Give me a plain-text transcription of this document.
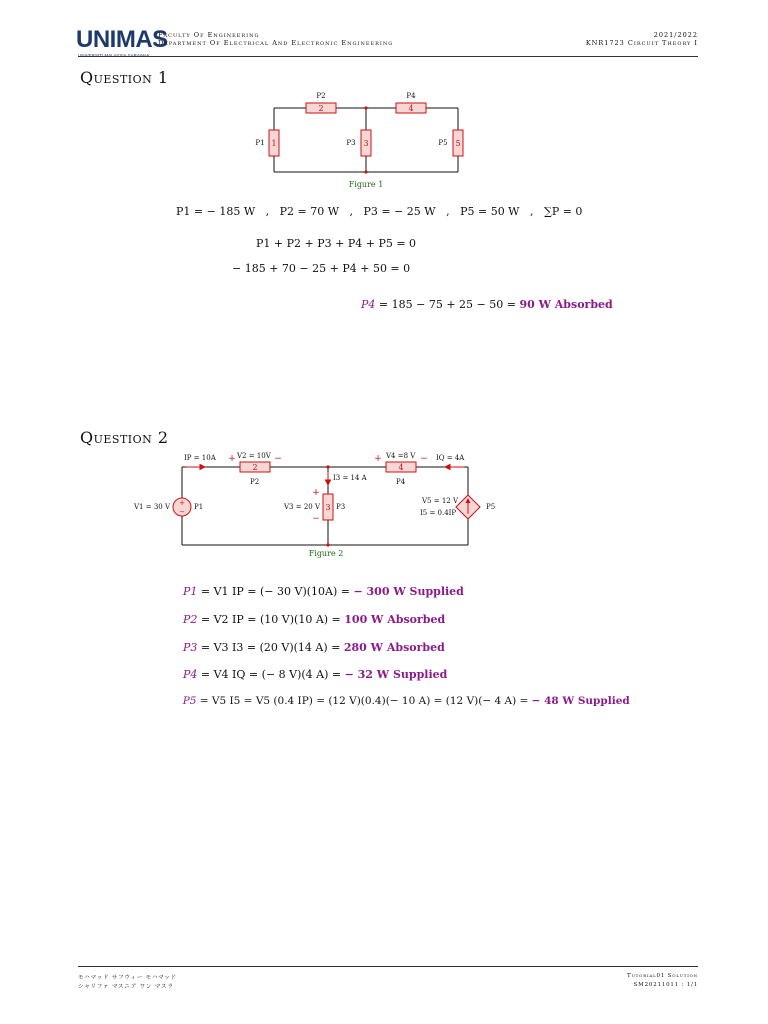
UNIMAS
Faculty Of Engineering
Department Of Electrical And Electronic Engineering
2021/2022
KNR1723 Circuit Theory I
Question 1
2	4
1	3	5
P2	P4
P1	P3	P5
Figure 1
P1 = − 185 W   ,   P2 = 70 W   ,   P3 = − 25 W   ,   P5 = 50 W   ,   ∑P = 0
P1 + P2 + P3 + P4 + P5 = 0
− 185 + 70 − 25 + P4 + 50 = 0

P4 = 185 − 75 + 25 − 50 = 90 W Absorbed

Question 2
+
−
+	−	+	−
+
−
2	4
3
IP = 10A	V2 = 10V	V4 =8 V	IQ = 4A
P2	P4
I3 = 14 A
V1 = 30 V	P1	V3 = 20 V P3
V5 = 12 V
I5 = 0.4IP
P5
Figure 2

P1 = V1 IP = (− 30 V)(10A) = − 300 W Supplied

P2 = V2 IP = (10 V)(10 A) = 100 W Absorbed

P3 = V3 I3 = (20 V)(14 A) = 280 W Absorbed

P4 = V4 IQ = (− 8 V)(4 A) = − 32 W Supplied

P5 = V5 I5 = V5 (0.4 IP) = (12 V)(0.4)(− 10 A) = (12 V)(− 4 A) = − 48 W Supplied

モハマッド サフウィー モハマッド
シャリファ マスニア ワン マスラ
Tutorial01 Solution
SM20211011 : 1/1
